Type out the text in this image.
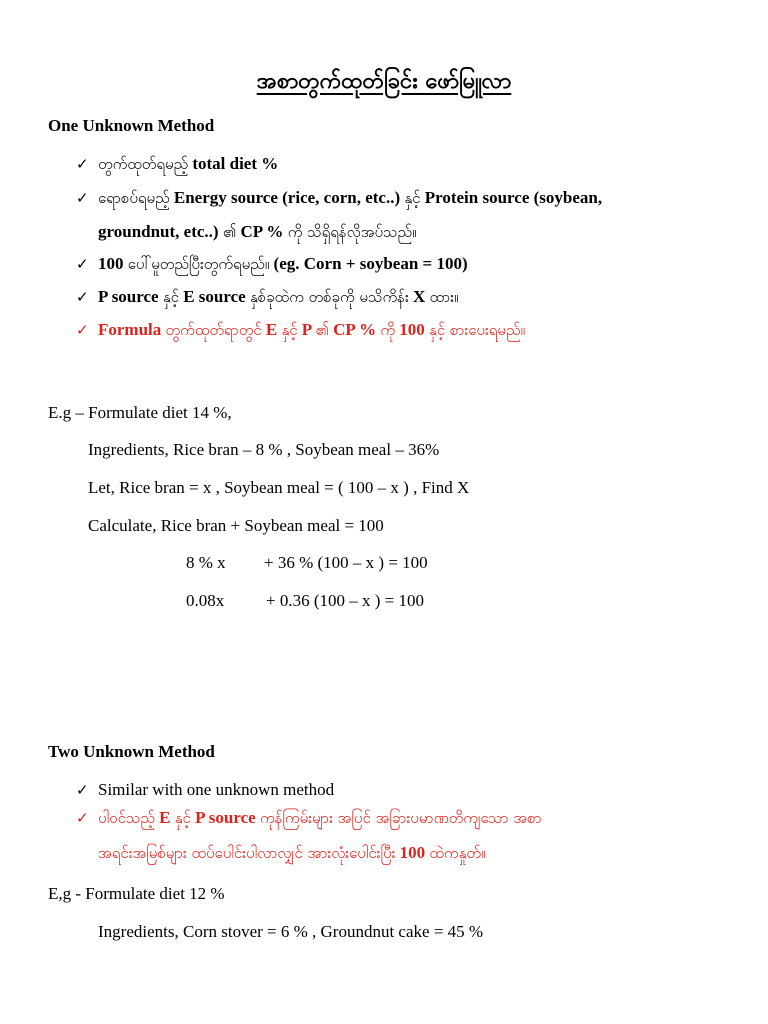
အစာတွက်ထုတ်ခြင်း ဖော်မြူလာ
One Unknown Method
✓ တွက်ထုတ်ရမည့် total diet %
✓ ရောစပ်ရမည့် Energy source (rice, corn, etc..) နှင့် Protein source (soybean,
groundnut, etc..) ၏ CP % ကို သိရှိရန်လိုအပ်သည်။
✓ 100 ပေါ်မူတည်ပြီးတွက်ရမည်။ (eg. Corn + soybean = 100)
✓ P source နှင့် E source နှစ်ခုထဲက တစ်ခုကို မသိကိန်း X ထား။
✓ Formula တွက်ထုတ်ရာတွင် E နှင့် P ၏ CP % ကို 100 နှင့် စားပေးရမည်။
E.g – Formulate diet 14 %,
Ingredients, Rice bran – 8 % , Soybean meal – 36%
Let, Rice bran = x , Soybean meal = ( 100 – x ) , Find X
Calculate, Rice bran + Soybean meal = 100
8 % x + 36 % (100 – x ) = 100
0.08x + 0.36 (100 – x ) = 100
Two Unknown Method
✓ Similar with one unknown method
✓ ပါဝင်သည့် E နှင့် P source ကုန်ကြမ်းများ အပြင် အခြားပမာဏတိကျသော အစာ
အရင်းအမြစ်များ ထပ်ပေါင်းပါလာလျှင် အားလုံးပေါင်းပြီး 100 ထဲကနှုတ်။
E,g - Formulate diet 12 %
Ingredients, Corn stover = 6 % , Groundnut cake = 45 %
